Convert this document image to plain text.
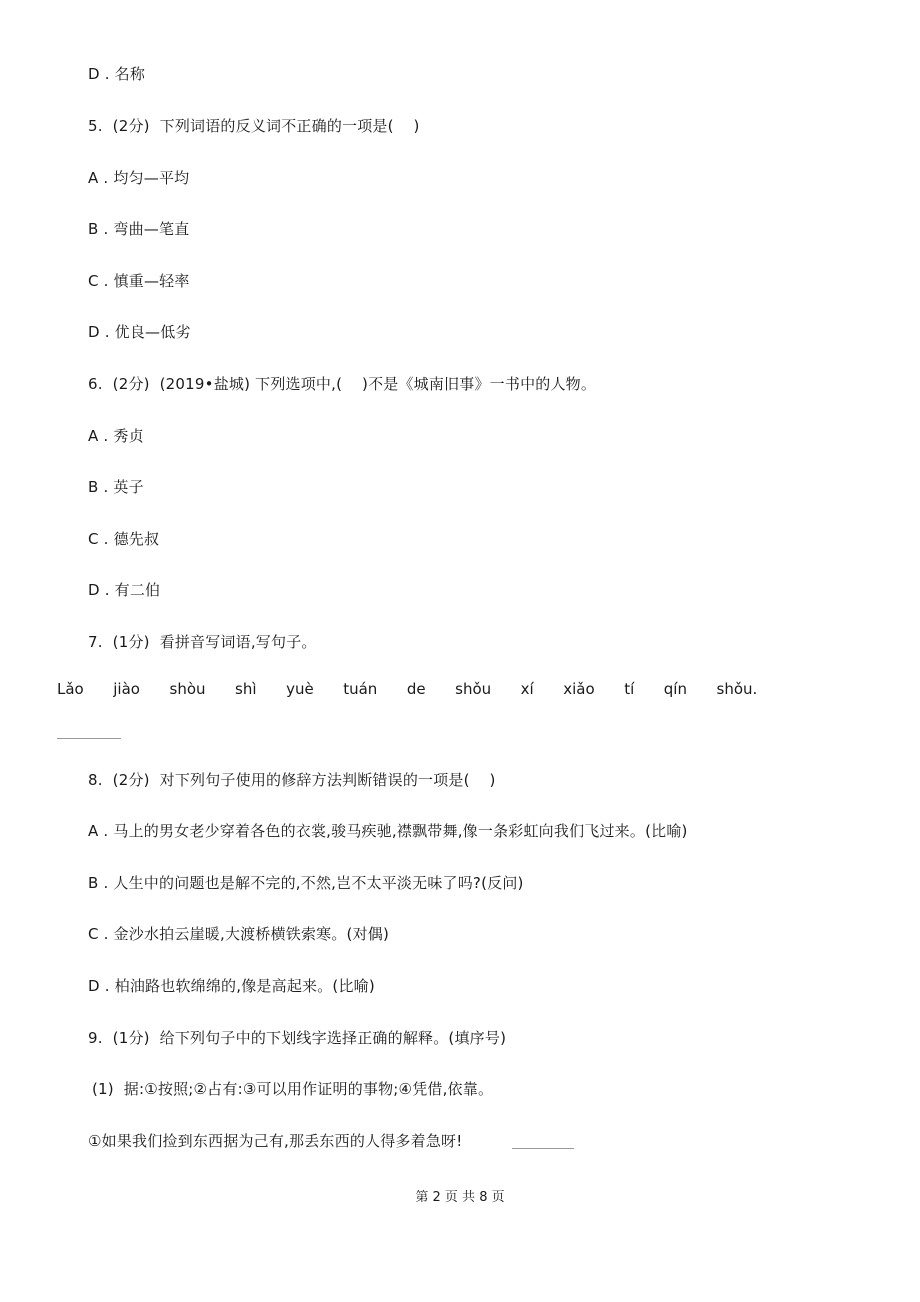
D . 名称
5.  (2分)  下列词语的反义词不正确的一项是(    )
A . 均匀—平均
B . 弯曲—笔直
C . 慎重—轻率
D . 优良—低劣
6.  (2分)  (2019•盐城) 下列选项中,(    )不是《城南旧事》一书中的人物。
A . 秀贞
B . 英子
C . 德先叔
D . 有二伯
7.  (1分)  看拼音写词语,写句子。
Lǎo  jiào  shòu  shì  yuè  tuán  de  shǒu  xí  xiǎo  tí  qín  shǒu.
8.  (2分)  对下列句子使用的修辞方法判断错误的一项是(    )
A . 马上的男女老少穿着各色的衣裳,骏马疾驰,襟飘带舞,像一条彩虹向我们飞过来。(比喻)
B . 人生中的问题也是解不完的,不然,岂不太平淡无味了吗?(反问)
C . 金沙水拍云崖暖,大渡桥横铁索寒。(对偶)
D . 柏油路也软绵绵的,像是高起来。(比喻)
9.  (1分)  给下列句子中的下划线字选择正确的解释。(填序号)
(1)  据:①按照;②占有:③可以用作证明的事物;④凭借,依靠。
①如果我们捡到东西据为己有,那丢东西的人得多着急呀!
第 2 页 共 8 页
